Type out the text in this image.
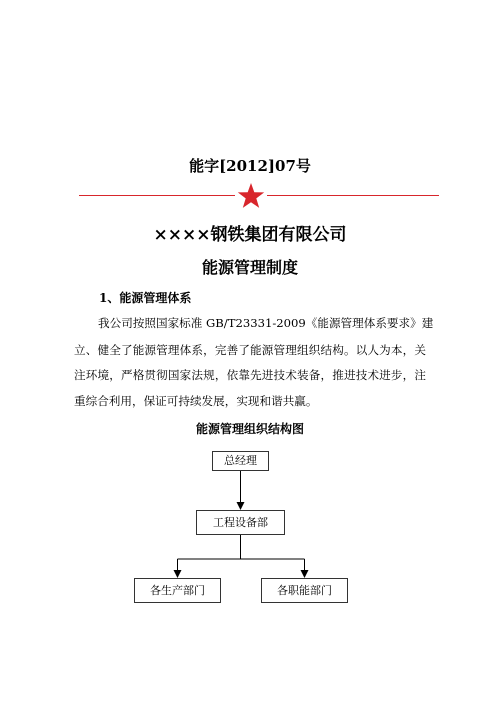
能字[2012]07号
××××钢铁集团有限公司
能源管理制度
1、能源管理体系
我公司按照国家标准 GB/T23331-2009《能源管理体系要求》建
立、健全了能源管理体系，完善了能源管理组织结构。以人为本，关
注环境，严格贯彻国家法规，依靠先进技术装备，推进技术进步，注
重综合利用，保证可持续发展，实现和谐共赢。
能源管理组织结构图
总经理
工程设备部
各生产部门	各职能部门
